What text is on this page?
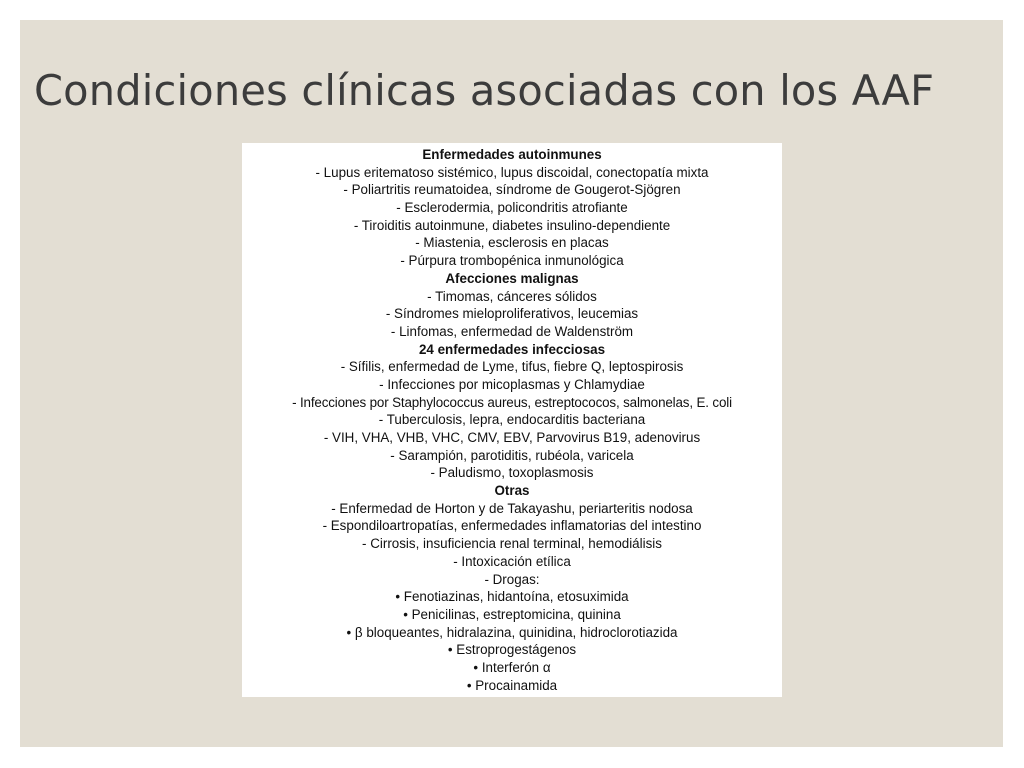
Condiciones clínicas asociadas con los AAF
Enfermedades autoinmunes
- Lupus eritematoso sistémico, lupus discoidal, conectopatía mixta
- Poliartritis reumatoidea, síndrome de Gougerot-Sjögren
- Esclerodermia, policondritis atrofiante
- Tiroiditis autoinmune, diabetes insulino-dependiente
- Miastenia, esclerosis en placas
- Púrpura trombopénica inmunológica
Afecciones malignas
- Timomas, cánceres sólidos
- Síndromes mieloproliferativos, leucemias
- Linfomas, enfermedad de Waldenström
24 enfermedades infecciosas
- Sífilis, enfermedad de Lyme, tifus, fiebre Q, leptospirosis
- Infecciones por micoplasmas y Chlamydiae
- Infecciones por Staphylococcus aureus, estreptococos, salmonelas, E. coli
- Tuberculosis, lepra, endocarditis bacteriana
- VIH, VHA, VHB, VHC, CMV, EBV, Parvovirus B19, adenovirus
- Sarampión, parotiditis, rubéola, varicela
- Paludismo, toxoplasmosis
Otras
- Enfermedad de Horton y de Takayashu, periarteritis nodosa
- Espondiloartropatías, enfermedades inflamatorias del intestino
- Cirrosis, insuficiencia renal terminal, hemodiálisis
- Intoxicación etílica
- Drogas:
• Fenotiazinas, hidantoína, etosuximida
• Penicilinas, estreptomicina, quinina
• β bloqueantes, hidralazina, quinidina, hidroclorotiazida
• Estroprogestágenos
• Interferón α
• Procainamida
